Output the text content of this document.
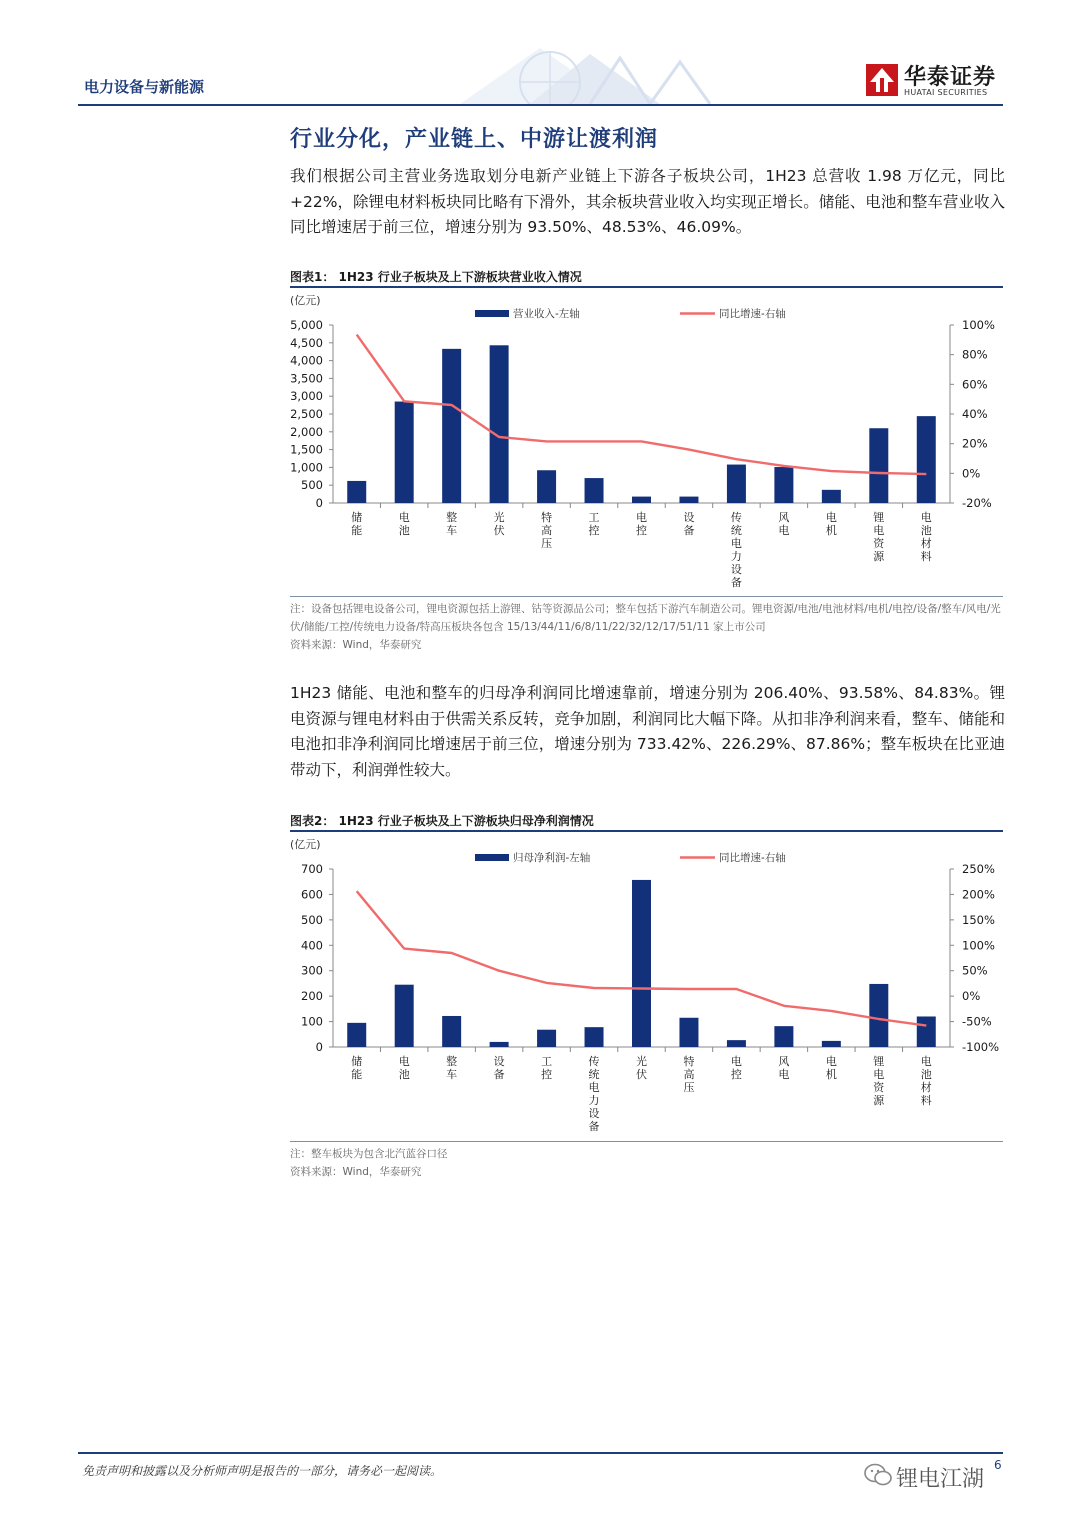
电力设备与新能源	华泰证券
HUATAI SECURITIES
行业分化，产业链上、中游让渡利润
我们根据公司主营业务选取划分电新产业链上下游各子板块公司，1H23 总营收 1.98 万亿元，同比+22%，除锂电材料板块同比略有下滑外，其余板块营业收入均实现正增长。储能、电池和整车营业收入同比增速居于前三位，增速分别为 93.50%、48.53%、46.09%。
图表1： 1H23 行业子板块及上下游板块营业收入情况
(亿元)
营业收入-左轴	同比增速-右轴
5,000
4,500
4,000
3,500
3,000
2,500
2,000
1,500
1,000
500
0
100%
80%
60%
40%
20%
0%
-20%
储能
电池
整车
光伏
特高压
工控
电控
设备
传统电力设备
风电
电机
锂电资源
电池材料
注：设备包括锂电设备公司，锂电资源包括上游锂、钴等资源品公司；整车包括下游汽车制造公司。锂电资源/电池/电池材料/电机/电控/设备/整车/风电/光伏/储能/工控/传统电力设备/特高压板块各包含 15/13/44/11/6/8/11/22/32/12/17/51/11 家上市公司
资料来源：Wind，华泰研究
1H23 储能、电池和整车的归母净利润同比增速靠前，增速分别为 206.40%、93.58%、84.83%。锂电资源与锂电材料由于供需关系反转，竞争加剧，利润同比大幅下降。从扣非净利润来看，整车、储能和电池扣非净利润同比增速居于前三位，增速分别为 733.42%、226.29%、87.86%；整车板块在比亚迪带动下，利润弹性较大。
图表2： 1H23 行业子板块及上下游板块归母净利润情况
(亿元)
归母净利润-左轴	同比增速-右轴
700
600
500
400
300
200
100
0
250%
200%
150%
100%
50%
0%
-50%
-100%
储能
电池
整车
设备
工控
传统电力设备
光伏
特高压
电控
风电
电机
锂电资源
电池材料
注：整车板块为包含北汽蓝谷口径
资料来源：Wind，华泰研究
免责声明和披露以及分析师声明是报告的一部分，请务必一起阅读。	锂电江湖
6
